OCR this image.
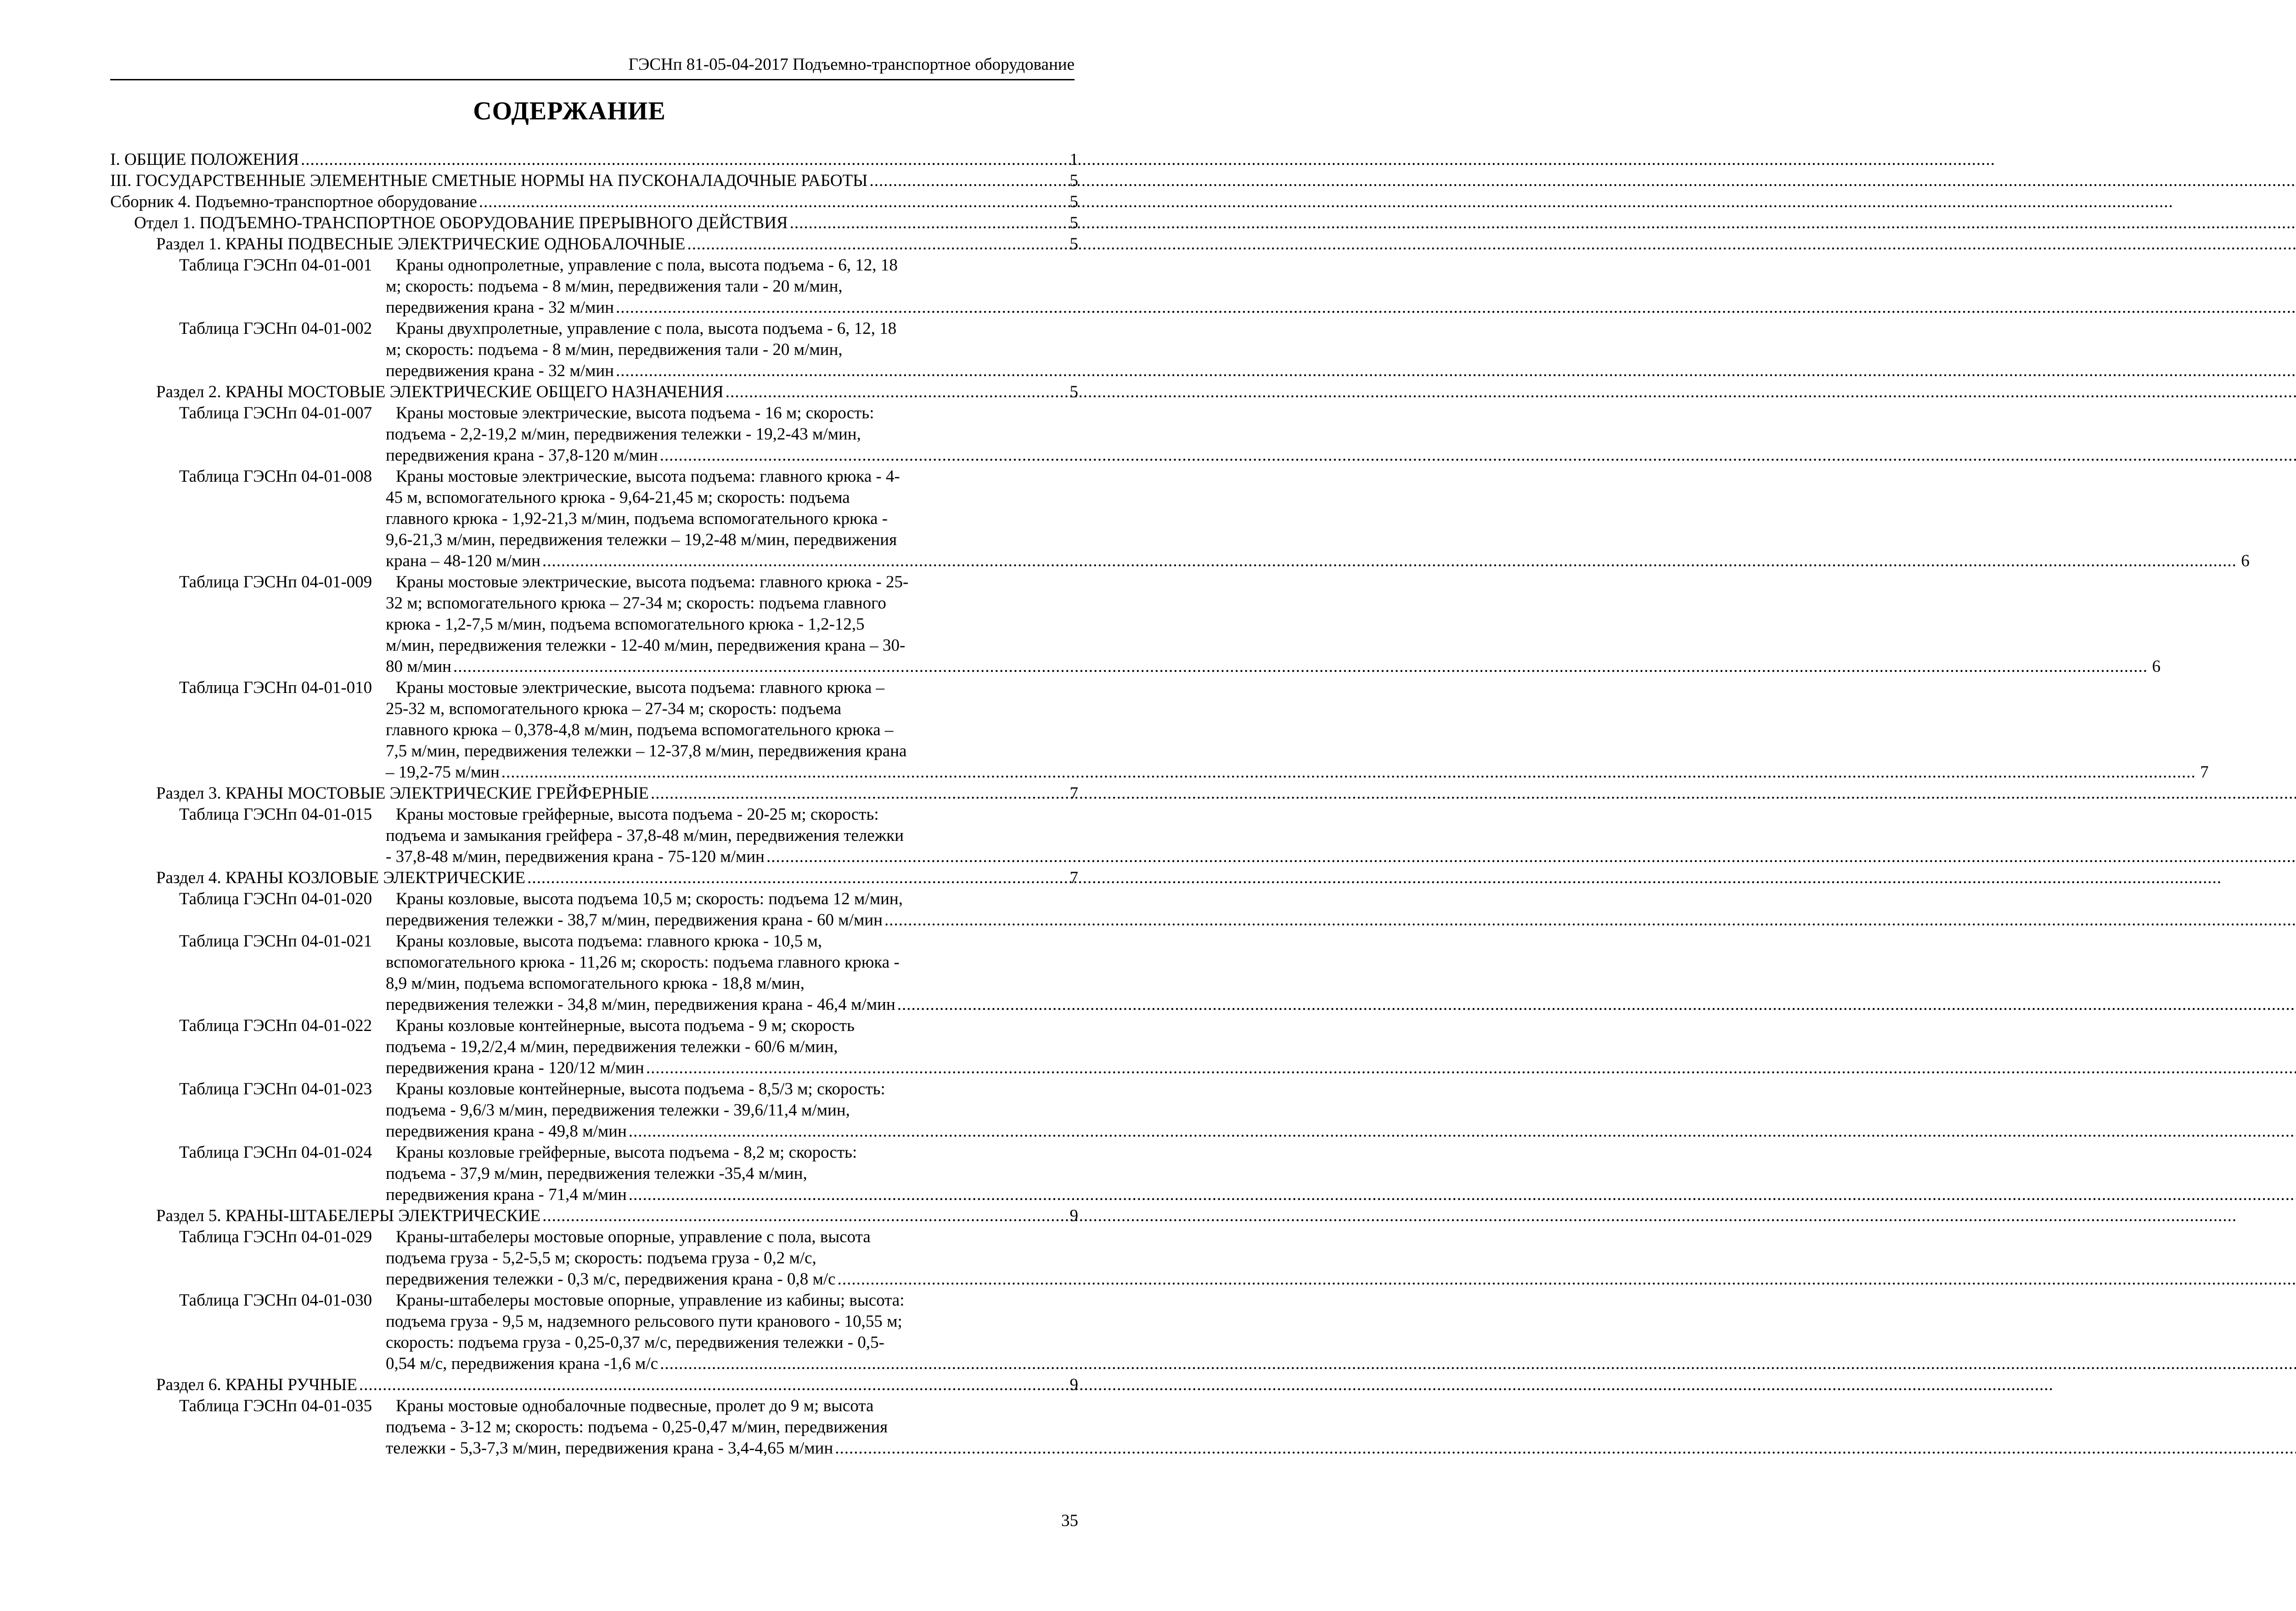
ГЭСНп 81-05-04-2017 Подъемно-транспортное оборудование
СОДЕРЖАНИЕ
I. ОБЩИЕ ПОЛОЖЕНИЯ .....	1
III. ГОСУДАРСТВЕННЫЕ ЭЛЕМЕНТНЫЕ СМЕТНЫЕ НОРМЫ НА ПУСКОНАЛАДОЧНЫЕ РАБОТЫ .....	5
Сборник 4. Подъемно-транспортное оборудование .....	5
Отдел 1. ПОДЪЕМНО-ТРАНСПОРТНОЕ ОБОРУДОВАНИЕ ПРЕРЫВНОГО ДЕЙСТВИЯ .....	5
Раздел 1. КРАНЫ ПОДВЕСНЫЕ ЭЛЕКТРИЧЕСКИЕ ОДНОБАЛОЧНЫЕ .....	5
Таблица ГЭСНп 04-01-001	Краны однопролетные, управление с пола, высота подъема - 6, 12, 18
м; скорость: подъема - 8 м/мин, передвижения тали - 20 м/мин,
передвижения крана - 32 м/мин
.....
Таблица ГЭСНп 04-01-002	Краны двухпролетные, управление с пола, высота подъема - 6, 12, 18
м; скорость: подъема - 8 м/мин, передвижения тали - 20 м/мин,
передвижения крана - 32 м/мин
.....
Раздел 2. КРАНЫ МОСТОВЫЕ ЭЛЕКТРИЧЕСКИЕ ОБЩЕГО НАЗНАЧЕНИЯ .....	5
Таблица ГЭСНп 04-01-007	Краны мостовые электрические, высота подъема - 16 м; скорость:
подъема - 2,2-19,2 м/мин, передвижения тележки - 19,2-43 м/мин,
передвижения крана - 37,8-120 м/мин
.....
Таблица ГЭСНп 04-01-008	Краны мостовые электрические, высота подъема: главного крюка - 4-
45 м, вспомогательного крюка - 9,64-21,45 м; скорость: подъема
главного крюка - 1,92-21,3 м/мин, подъема вспомогательного крюка -
9,6-21,3 м/мин, передвижения тележки – 19,2-48 м/мин, передвижения
крана – 48-120 м/мин .....	6
Таблица ГЭСНп 04-01-009	Краны мостовые электрические, высота подъема: главного крюка - 25-
32 м; вспомогательного крюка – 27-34 м; скорость: подъема главного
крюка - 1,2-7,5 м/мин, подъема вспомогательного крюка - 1,2-12,5
м/мин, передвижения тележки - 12-40 м/мин, передвижения крана – 30-
80 м/мин .....	6
Таблица ГЭСНп 04-01-010	Краны мостовые электрические, высота подъема: главного крюка –
25-32 м, вспомогательного крюка – 27-34 м; скорость: подъема
главного крюка – 0,378-4,8 м/мин, подъема вспомогательного крюка –
7,5 м/мин, передвижения тележки – 12-37,8 м/мин, передвижения крана
– 19,2-75 м/мин .....	7
Раздел 3. КРАНЫ МОСТОВЫЕ ЭЛЕКТРИЧЕСКИЕ ГРЕЙФЕРНЫЕ .....	7
Таблица ГЭСНп 04-01-015	Краны мостовые грейферные, высота подъема - 20-25 м; скорость:
подъема и замыкания грейфера - 37,8-48 м/мин, передвижения тележки
- 37,8-48 м/мин, передвижения крана - 75-120 м/мин
.....
Раздел 4. КРАНЫ КОЗЛОВЫЕ ЭЛЕКТРИЧЕСКИЕ .....	7
Таблица ГЭСНп 04-01-020	Краны козловые, высота подъема 10,5 м; скорость: подъема 12 м/мин,
передвижения тележки - 38,7 м/мин, передвижения крана - 60 м/мин
.....
Таблица ГЭСНп 04-01-021	Краны козловые, высота подъема: главного крюка - 10,5 м,
вспомогательного крюка - 11,26 м; скорость: подъема главного крюка -
8,9 м/мин, подъема вспомогательного крюка - 18,8 м/мин,
передвижения тележки - 34,8 м/мин, передвижения крана - 46,4 м/мин
.....
Таблица ГЭСНп 04-01-022	Краны козловые контейнерные, высота подъема - 9 м; скорость
подъема - 19,2/2,4 м/мин, передвижения тележки - 60/6 м/мин,
передвижения крана - 120/12 м/мин
.....
Таблица ГЭСНп 04-01-023	Краны козловые контейнерные, высота подъема - 8,5/3 м; скорость:
подъема - 9,6/3 м/мин, передвижения тележки - 39,6/11,4 м/мин,
передвижения крана - 49,8 м/мин
.....
Таблица ГЭСНп 04-01-024	Краны козловые грейферные, высота подъема - 8,2 м; скорость:
подъема - 37,9 м/мин, передвижения тележки -35,4 м/мин,
передвижения крана - 71,4 м/мин
.....
Раздел 5. КРАНЫ-ШТАБЕЛЕРЫ ЭЛЕКТРИЧЕСКИЕ .....	9
Таблица ГЭСНп 04-01-029	Краны-штабелеры мостовые опорные, управление с пола, высота
подъема груза - 5,2-5,5 м; скорость: подъема груза - 0,2 м/с,
передвижения тележки - 0,3 м/с, передвижения крана - 0,8 м/с
.....
Таблица ГЭСНп 04-01-030	Краны-штабелеры мостовые опорные, управление из кабины; высота:
подъема груза - 9,5 м, надземного рельсового пути кранового - 10,55 м;
скорость: подъема груза - 0,25-0,37 м/с, передвижения тележки - 0,5-
0,54 м/с, передвижения крана -1,6 м/с
.....
Раздел 6. КРАНЫ РУЧНЫЕ .....	9
Таблица ГЭСНп 04-01-035	Краны мостовые однобалочные подвесные, пролет до 9 м; высота
подъема - 3-12 м; скорость: подъема - 0,25-0,47 м/мин, передвижения
тележки - 5,3-7,3 м/мин, передвижения крана - 3,4-4,65 м/мин
.....
35
